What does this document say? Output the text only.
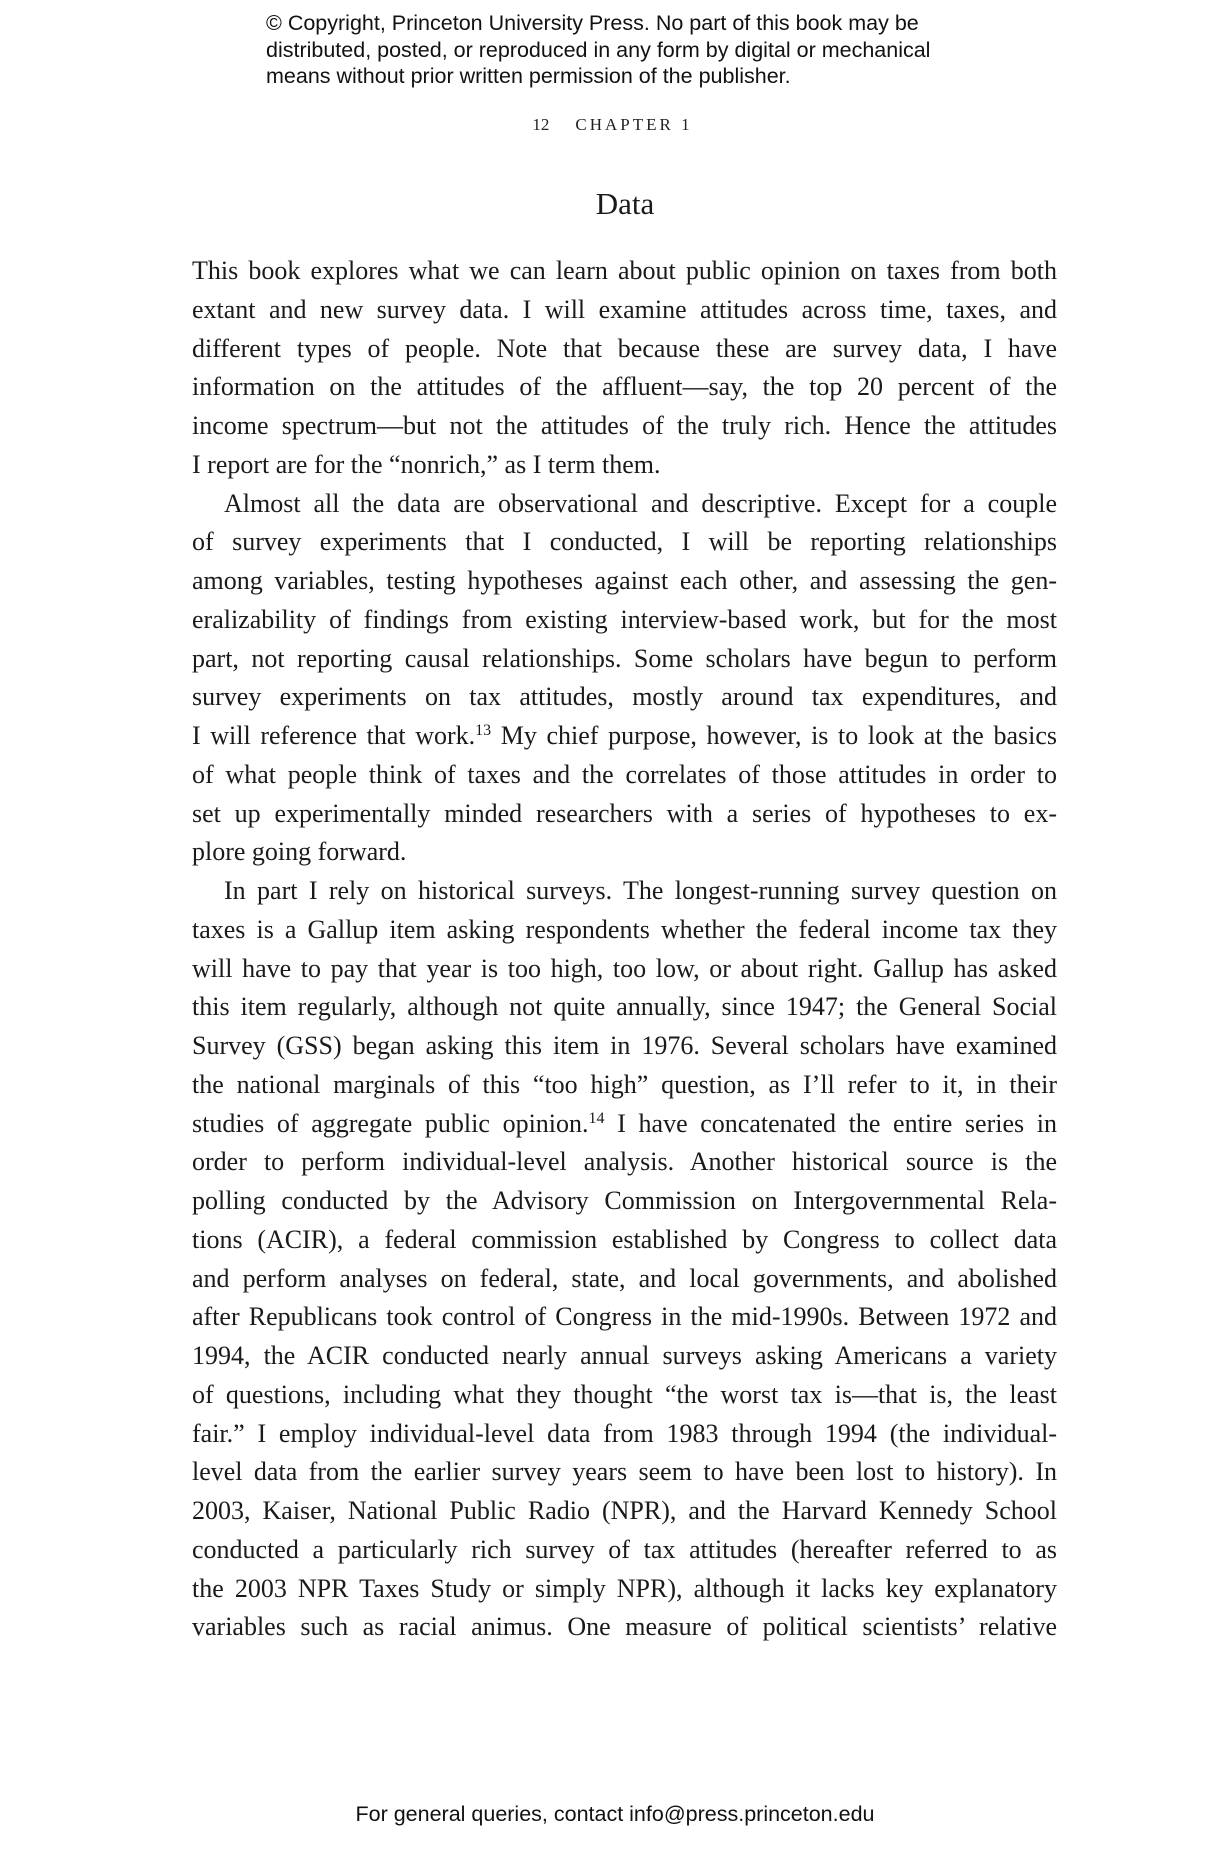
© Copyright, Princeton University Press. No part of this book may be
distributed, posted, or reproduced in any form by digital or mechanical
means without prior written permission of the publisher.
12 CHAPTER 1
Data
This book explores what we can learn about public opinion on taxes from both
extant and new survey data. I will examine attitudes across time, taxes, and
different types of people. Note that because these are survey data, I have
information on the attitudes of the affluent—say, the top 20 percent of the
income spectrum—but not the attitudes of the truly rich. Hence the attitudes
I report are for the “nonrich,” as I term them.
Almost all the data are observational and descriptive. Except for a couple
of survey experiments that I conducted, I will be reporting relationships
among variables, testing hypotheses against each other, and assessing the gen-
eralizability of findings from existing interview-based work, but for the most
part, not reporting causal relationships. Some scholars have begun to perform
survey experiments on tax attitudes, mostly around tax expenditures, and
I will reference that work.$^{13}$ My chief purpose, however, is to look at the basics
of what people think of taxes and the correlates of those attitudes in order to
set up experimentally minded researchers with a series of hypotheses to ex-
plore going forward.
In part I rely on historical surveys. The longest-running survey question on
taxes is a Gallup item asking respondents whether the federal income tax they
will have to pay that year is too high, too low, or about right. Gallup has asked
this item regularly, although not quite annually, since 1947; the General Social
Survey (GSS) began asking this item in 1976. Several scholars have examined
the national marginals of this “too high” question, as I’ll refer to it, in their
studies of aggregate public opinion.$^{14}$ I have concatenated the entire series in
order to perform individual-level analysis. Another historical source is the
polling conducted by the Advisory Commission on Intergovernmental Rela-
tions (ACIR), a federal commission established by Congress to collect data
and perform analyses on federal, state, and local governments, and abolished
after Republicans took control of Congress in the mid-1990s. Between 1972 and
1994, the ACIR conducted nearly annual surveys asking Americans a variety
of questions, including what they thought “the worst tax is—that is, the least
fair.” I employ individual-level data from 1983 through 1994 (the individual-
level data from the earlier survey years seem to have been lost to history). In
2003, Kaiser, National Public Radio (NPR), and the Harvard Kennedy School
conducted a particularly rich survey of tax attitudes (hereafter referred to as
the 2003 NPR Taxes Study or simply NPR), although it lacks key explanatory
variables such as racial animus. One measure of political scientists’ relative
For general queries, contact info@press.princeton.edu
